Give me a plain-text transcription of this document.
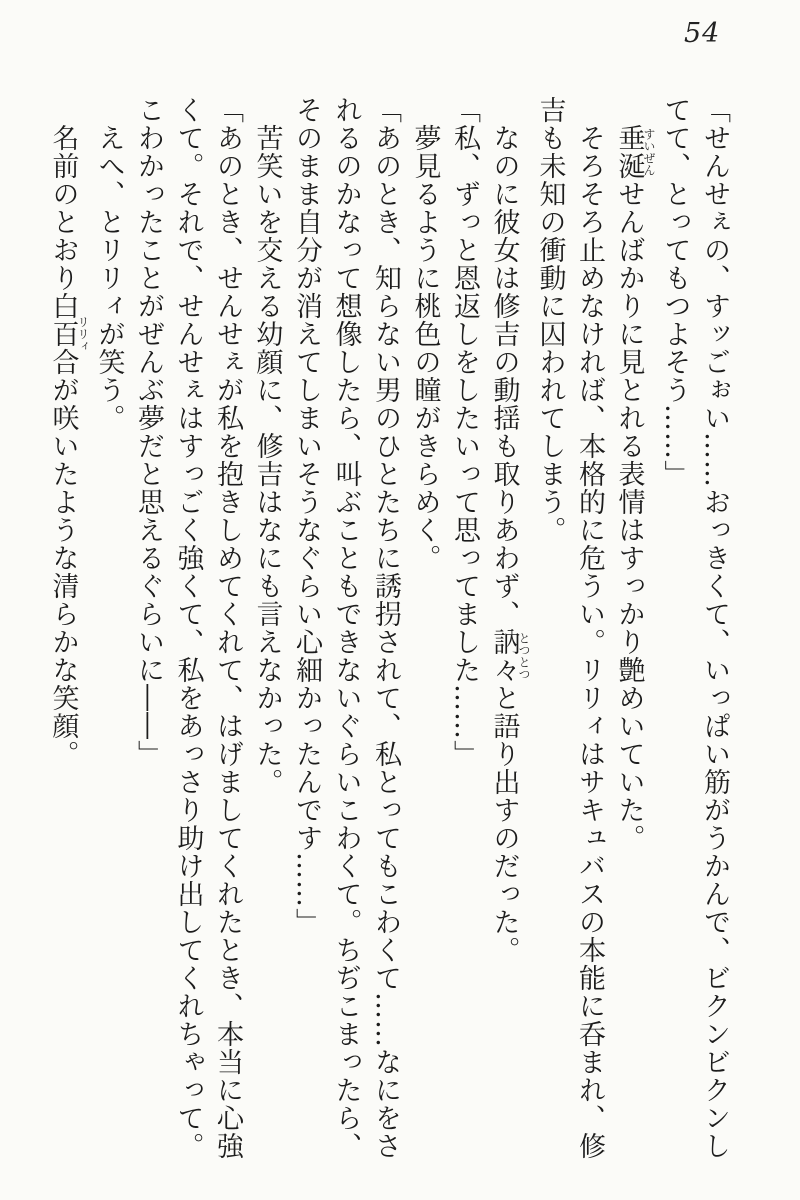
54

「せんせぇの、すッごぉい……おっきくて、いっぱい筋がうかんで、ビクンビクンし

てて、とってもつよそう……」

垂涎すいぜんせんばかりに見とれる表情はすっかり艶めいていた。

そろそろ止めなければ、本格的に危うい。リリィはサキュバスの本能に呑まれ、修

吉も未知の衝動に囚われてしまう。

なのに彼女は修吉の動揺も取りあわず、訥々とつとつと語り出すのだった。

「私、ずっと恩返しをしたいって思ってました……」

夢見るように桃色の瞳がきらめく。

「あのとき、知らない男のひとたちに誘拐されて、私とってもこわくて……なにをさ

れるのかなって想像したら、叫ぶこともできないぐらいこわくて。ちぢこまったら、

そのまま自分が消えてしまいそうなぐらい心細かったんです……」

苦笑いを交える幼顔に、修吉はなにも言えなかった。

「あのとき、せんせぇが私を抱きしめてくれて、はげましてくれたとき、本当に心強

くて。それで、せんせぇはすっごく強くて、私をあっさり助け出してくれちゃって。

こわかったことがぜんぶ夢だと思えるぐらいに――」

えへ、とリリィが笑う。

名前のとおり白百合リリィが咲いたような清らかな笑顔。
